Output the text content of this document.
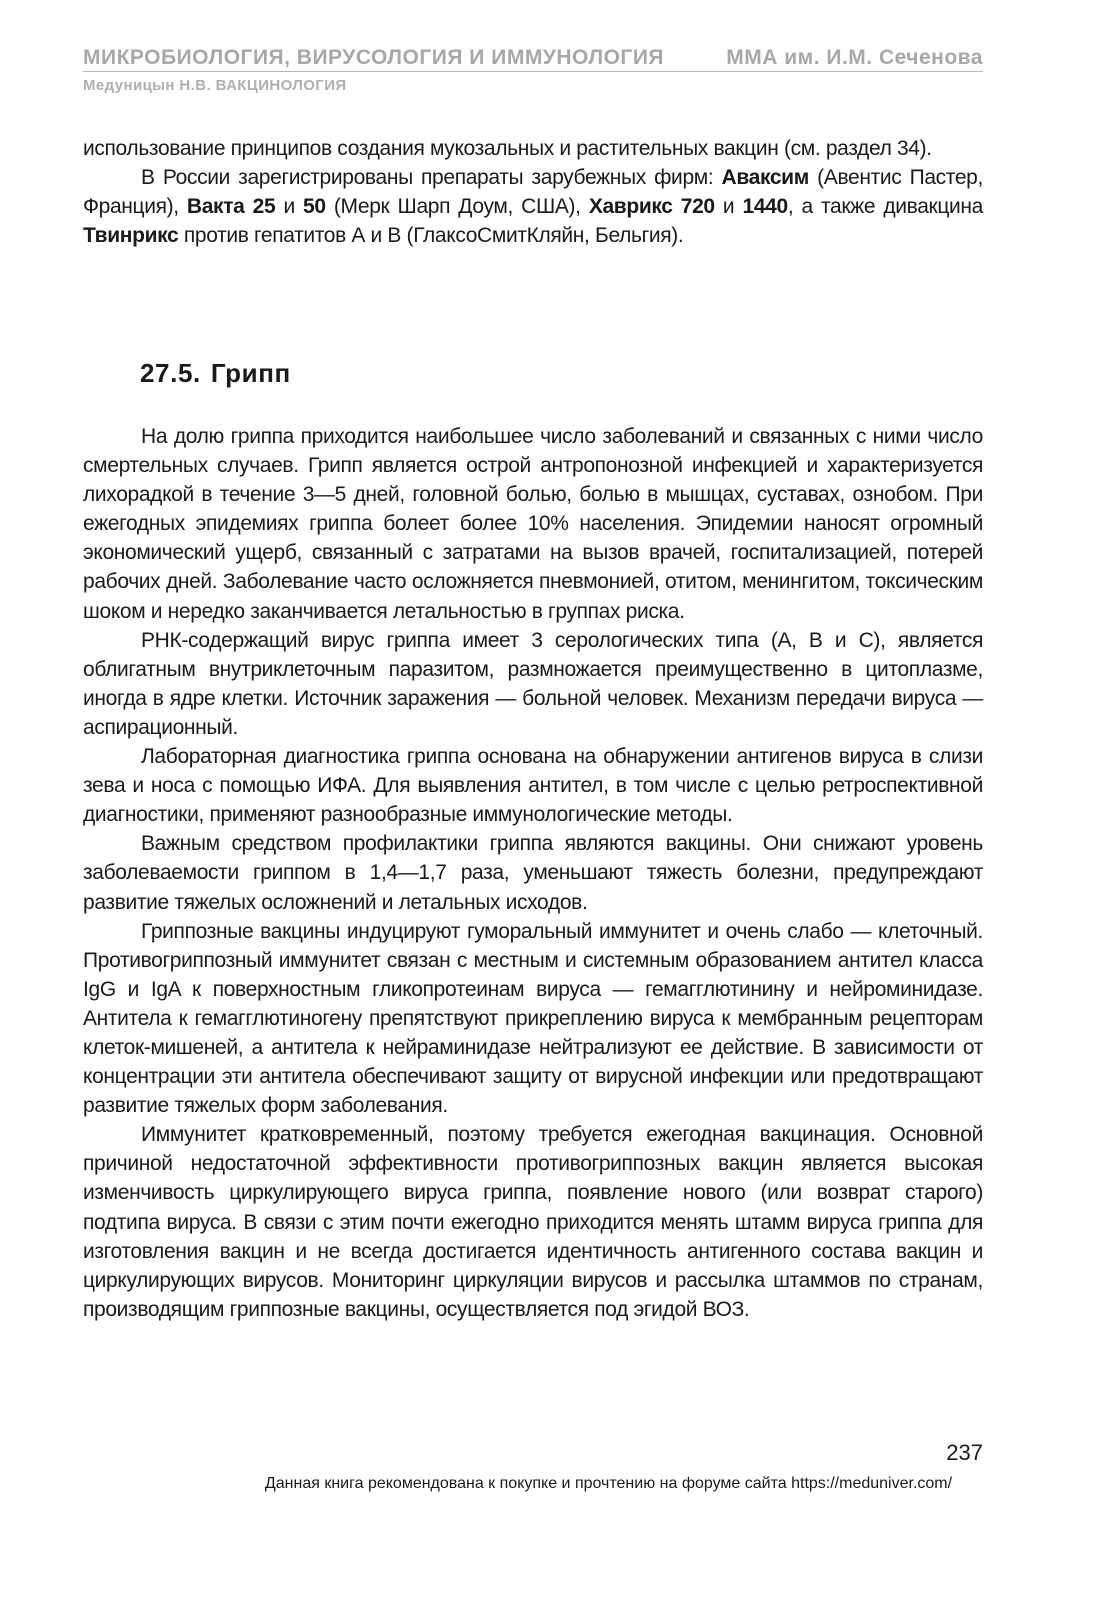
МИКРОБИОЛОГИЯ, ВИРУСОЛОГИЯ И ИММУНОЛОГИЯ	ММА им. И.М. Сеченова
Медуницын Н.В. ВАКЦИНОЛОГИЯ

использование принципов создания мукозальных и растительных вакцин (см. раздел 34).

В России зарегистрированы препараты зарубежных фирм: Аваксим (Авентис Пастер, Франция), Вакта 25 и 50 (Мерк Шарп Доум, США), Хаврикс 720 и 1440, а также дивакцина Твинрикс против гепатитов А и В (ГлаксоСмитКляйн, Бельгия).

27.5. Грипп

На долю гриппа приходится наибольшее число заболеваний и связанных с ними число смертельных случаев. Грипп является острой антропонозной инфекцией и характеризуется лихорадкой в течение 3—5 дней, головной болью, болью в мышцах, суставах, ознобом. При ежегодных эпидемиях гриппа болеет более 10% населения. Эпидемии наносят огромный экономический ущерб, связанный с затратами на вызов врачей, госпитализацией, потерей рабочих дней. Заболевание часто осложняется пневмонией, отитом, менингитом, токсическим шоком и нередко заканчивается летальностью в группах риска.

РНК-содержащий вирус гриппа имеет 3 серологических типа (А, В и С), является облигатным внутриклеточным паразитом, размножается преимущественно в цитоплазме, иногда в ядре клетки. Источник заражения — больной человек. Механизм передачи вируса — аспирационный.

Лабораторная диагностика гриппа основана на обнаружении антигенов вируса в слизи зева и носа с помощью ИФА. Для выявления антител, в том числе с целью ретроспективной диагностики, применяют разнообразные иммунологические методы.

Важным средством профилактики гриппа являются вакцины. Они снижают уровень заболеваемости гриппом в 1,4—1,7 раза, уменьшают тяжесть болезни, предупреждают развитие тяжелых осложнений и летальных исходов.

Гриппозные вакцины индуцируют гуморальный иммунитет и очень слабо — клеточный. Противогриппозный иммунитет связан с местным и системным образованием антител класса IgG и IgA к поверхностным гликопротеинам вируса — гемагглютинину и нейроминидазе. Антитела к гемагглютиногену препятствуют прикреплению вируса к мембранным рецепторам клеток-мишеней, а антитела к нейраминидазе нейтрализуют ее действие. В зависимости от концентрации эти антитела обеспечивают защиту от вирусной инфекции или предотвращают развитие тяжелых форм заболевания.

Иммунитет кратковременный, поэтому требуется ежегодная вакцинация. Основной причиной недостаточной эффективности противогриппозных вакцин является высокая изменчивость циркулирующего вируса гриппа, появление нового (или возврат старого) подтипа вируса. В связи с этим почти ежегодно приходится менять штамм вируса гриппа для изготовления вакцин и не всегда достигается идентичность антигенного состава вакцин и циркулирующих вирусов. Мониторинг циркуляции вирусов и рассылка штаммов по странам, производящим гриппозные вакцины, осуществляется под эгидой ВОЗ.

237
Данная книга рекомендована к покупке и прочтению на форуме сайта https://meduniver.com/
